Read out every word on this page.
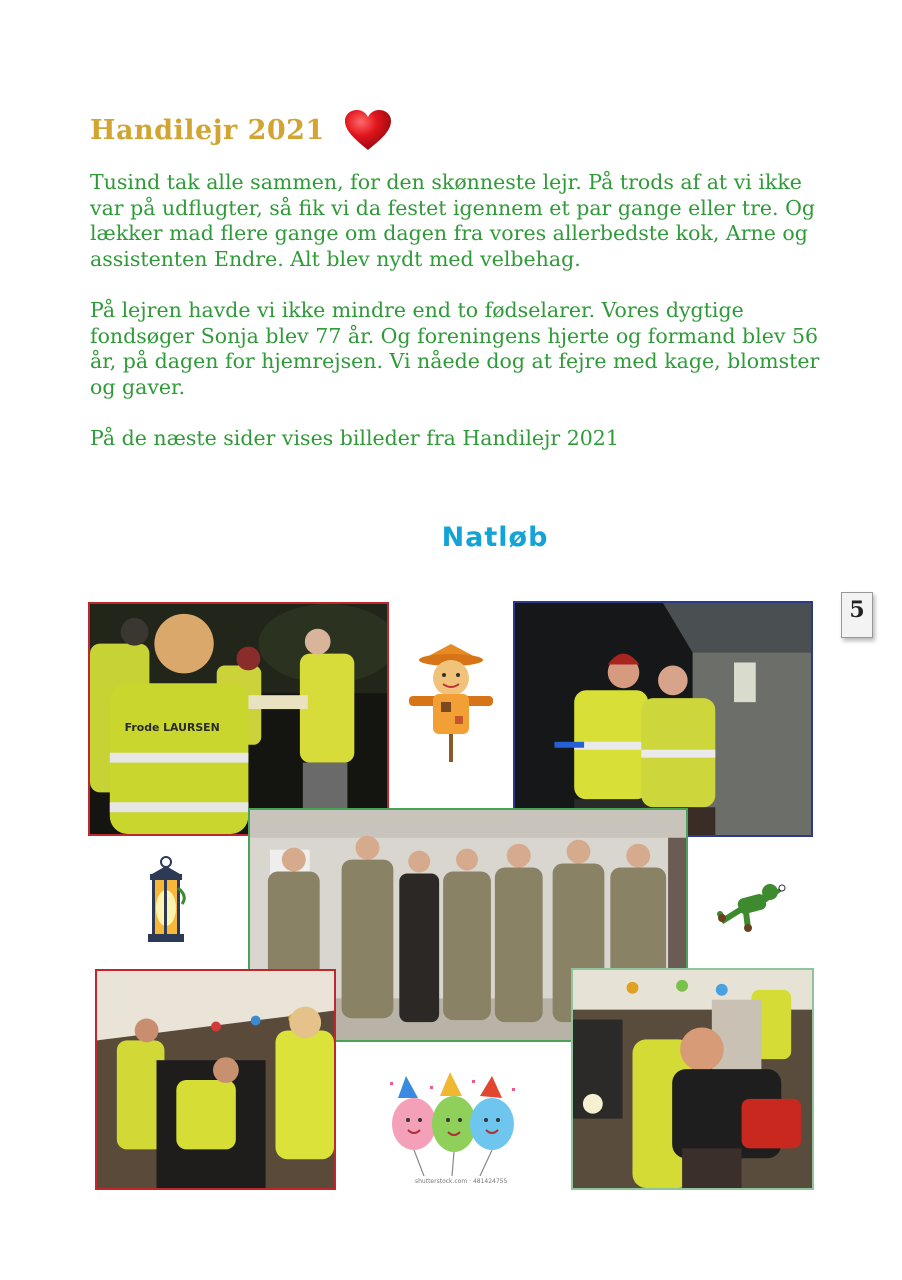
Handilejr 2021

Tusind tak alle sammen, for den skønneste lejr. På trods af at vi ikke var på udflugter, så fik vi da festet igennem et par gange eller tre. Og lækker mad flere gange om dagen fra vores allerbedste kok, Arne og assistenten Endre. Alt blev nydt med velbehag.

På lejren havde vi ikke mindre end to fødselarer. Vores dygtige fondsøger Sonja blev 77 år. Og foreningens hjerte og formand blev 56 år, på dagen for hjemrejsen. Vi nåede dog at fejre med kage, blomster og gaver.

På de næste sider vises billeder fra Handilejr 2021

Natløb
5
Frode LAURSEN
shutterstock.com · 481424755
